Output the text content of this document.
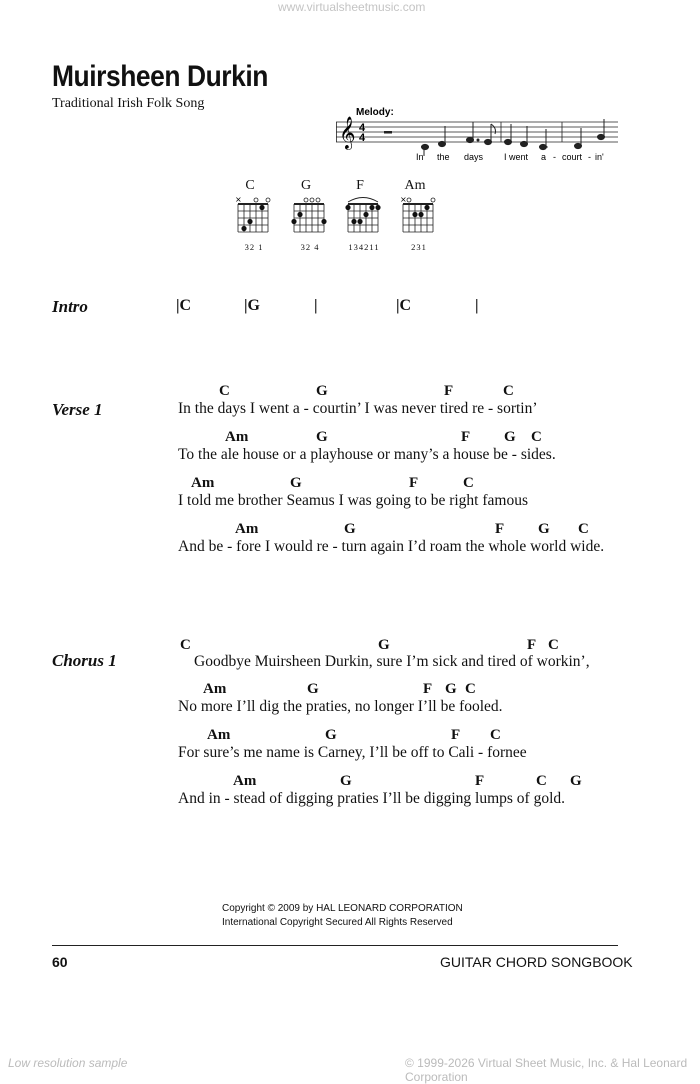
www.virtualsheetmusic.com
Muirsheen Durkin
Traditional Irish Folk Song
Melody:
𝄞 4
4
In the days I went a - court - in'
C
×
32 1
G
32 4
F
134211
Am
×
231
Intro	|C	|G	|	|C	|
Verse 1
C	G	F	C
In the days I went a - courtin’ I was never tired re - sortin’
Am	G	F G C
To the ale house or a playhouse or many’s a house be - sides.
Am	G	F	C
I told me brother Seamus I was going to be right famous
Am	G	F G C
And be - fore I would re - turn again I’d roam the whole world wide.
Chorus 1
C	G	F C
Goodbye Muirsheen Durkin, sure I’m sick and tired of workin’,
Am	G	F G C
No more I’ll dig the praties, no longer I’ll be fooled.
Am	G	F C
For sure’s me name is Carney, I’ll be off to Cali - fornee
Am	G	F	C G
And in - stead of digging praties I’ll be digging lumps of gold.
Copyright © 2009 by HAL LEONARD CORPORATION
International Copyright Secured All Rights Reserved
60	GUITAR CHORD SONGBOOK
Low resolution sample	© 1999-2026 Virtual Sheet Music, Inc. & Hal Leonard Corporation
